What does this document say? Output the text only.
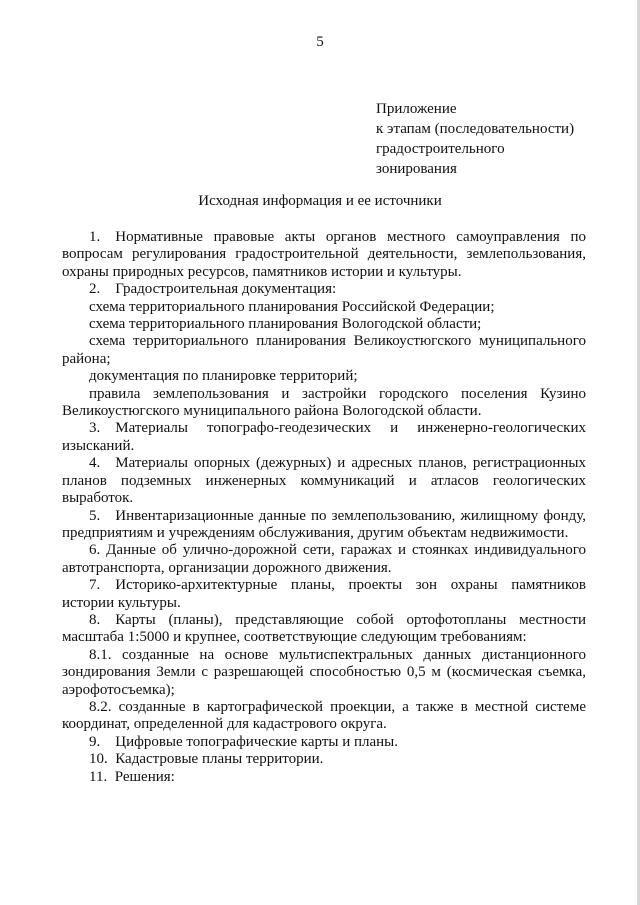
5
Приложение
к этапам (последовательности)
градостроительного
зонирования
Исходная информация и ее источники

1. Нормативные правовые акты органов местного самоуправления по вопросам регулирования градостроительной деятельности, землепользования, охраны природных ресурсов, памятников истории и культуры.

2. Градостроительная документация:

схема территориального планирования Российской Федерации;

схема территориального планирования Вологодской области;

схема территориального планирования Великоустюгского муниципального района;

документация по планировке территорий;

правила землепользования и застройки городского поселения Кузино Великоустюгского муниципального района Вологодской области.

3. Материалы топографо-геодезических и инженерно-геологических изысканий.

4. Материалы опорных (дежурных) и адресных планов, регистрационных планов подземных инженерных коммуникаций и атласов геологических выработок.

5. Инвентаризационные данные по землепользованию, жилищному фонду, предприятиям и учреждениям обслуживания, другим объектам недвижимости.

6. Данные об улично-дорожной сети, гаражах и стоянках индивидуального автотранспорта, организации дорожного движения.

7. Историко-архитектурные планы, проекты зон охраны памятников истории культуры.

8. Карты (планы), представляющие собой ортофотопланы местности масштаба 1:5000 и крупнее, соответствующие следующим требованиям:

8.1. созданные на основе мультиспектральных данных дистанционного зондирования Земли с разрешающей способностью 0,5 м (космическая съемка, аэрофотосъемка);

8.2. созданные в картографической проекции, а также в местной системе координат, определенной для кадастрового округа.

9. Цифровые топографические карты и планы.

10. Кадастровые планы территории.

11. Решения:
